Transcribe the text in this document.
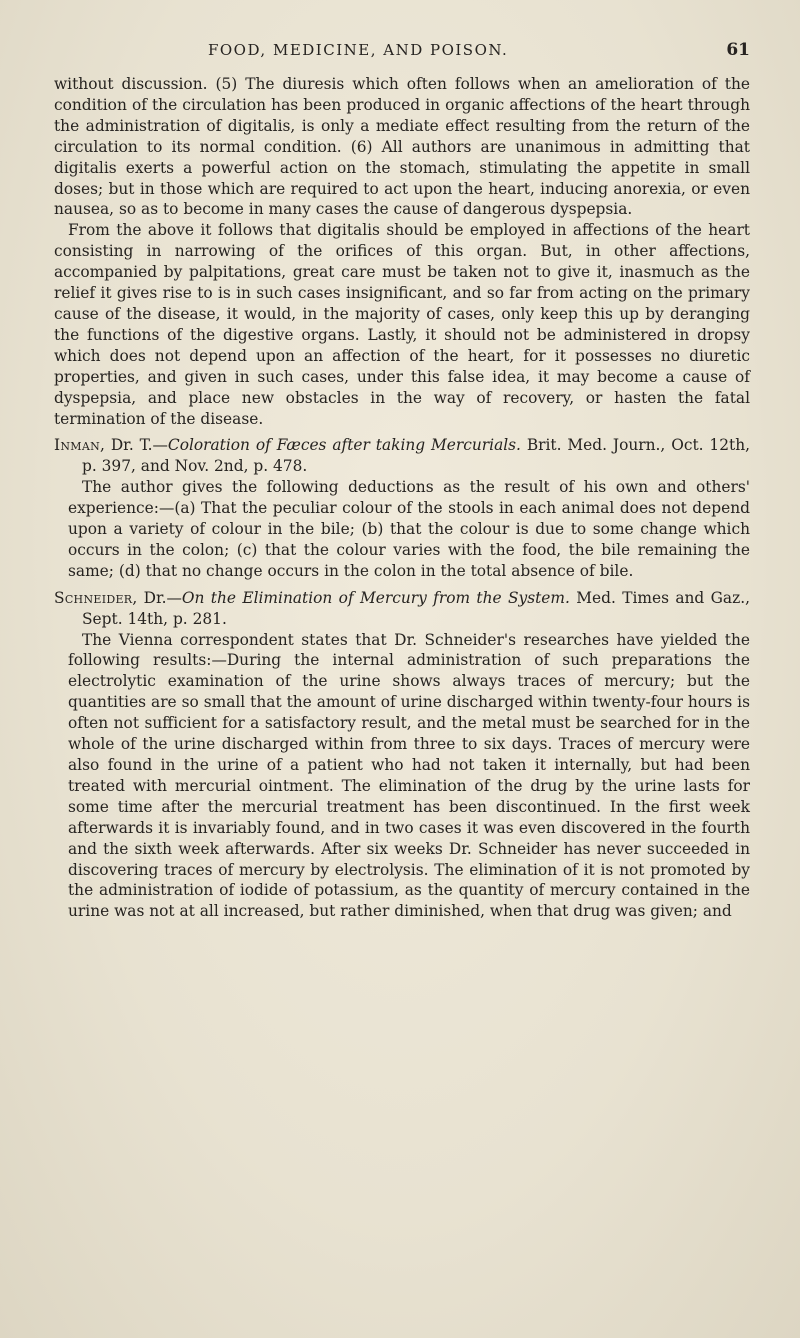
FOOD, MEDICINE, AND POISON.	61

without discussion. (5) The diuresis which often follows when an amelioration of the condition of the circulation has been produced in organic affections of the heart through the administration of digitalis, is only a mediate effect resulting from the return of the circulation to its normal condition. (6) All authors are unanimous in admitting that digitalis exerts a powerful action on the stomach, stimulating the appetite in small doses; but in those which are required to act upon the heart, inducing anorexia, or even nausea, so as to become in many cases the cause of dangerous dyspepsia.

From the above it follows that digitalis should be employed in affections of the heart consisting in narrowing of the orifices of this organ. But, in other affections, accompanied by palpitations, great care must be taken not to give it, inasmuch as the relief it gives rise to is in such cases insignificant, and so far from acting on the primary cause of the disease, it would, in the majority of cases, only keep this up by deranging the functions of the digestive organs. Lastly, it should not be administered in dropsy which does not depend upon an affection of the heart, for it possesses no diuretic properties, and given in such cases, under this false idea, it may become a cause of dyspepsia, and place new obstacles in the way of recovery, or hasten the fatal termination of the disease.

Inman, Dr. T.—Coloration of Fæces after taking Mercurials. Brit. Med. Journ., Oct. 12th, p. 397, and Nov. 2nd, p. 478.

The author gives the following deductions as the result of his own and others' experience:—(a) That the peculiar colour of the stools in each animal does not depend upon a variety of colour in the bile; (b) that the colour is due to some change which occurs in the colon; (c) that the colour varies with the food, the bile remaining the same; (d) that no change occurs in the colon in the total absence of bile.

Schneider, Dr.—On the Elimination of Mercury from the System. Med. Times and Gaz., Sept. 14th, p. 281.

The Vienna correspondent states that Dr. Schneider's researches have yielded the following results:—During the internal administration of such preparations the electrolytic examination of the urine shows always traces of mercury; but the quantities are so small that the amount of urine discharged within twenty-four hours is often not sufficient for a satisfactory result, and the metal must be searched for in the whole of the urine discharged within from three to six days. Traces of mercury were also found in the urine of a patient who had not taken it internally, but had been treated with mercurial ointment. The elimination of the drug by the urine lasts for some time after the mercurial treatment has been discontinued. In the first week afterwards it is invariably found, and in two cases it was even discovered in the fourth and the sixth week afterwards. After six weeks Dr. Schneider has never succeeded in discovering traces of mercury by electrolysis. The elimination of it is not promoted by the administration of iodide of potassium, as the quantity of mercury contained in the urine was not at all increased, but rather diminished, when that drug was given; and
